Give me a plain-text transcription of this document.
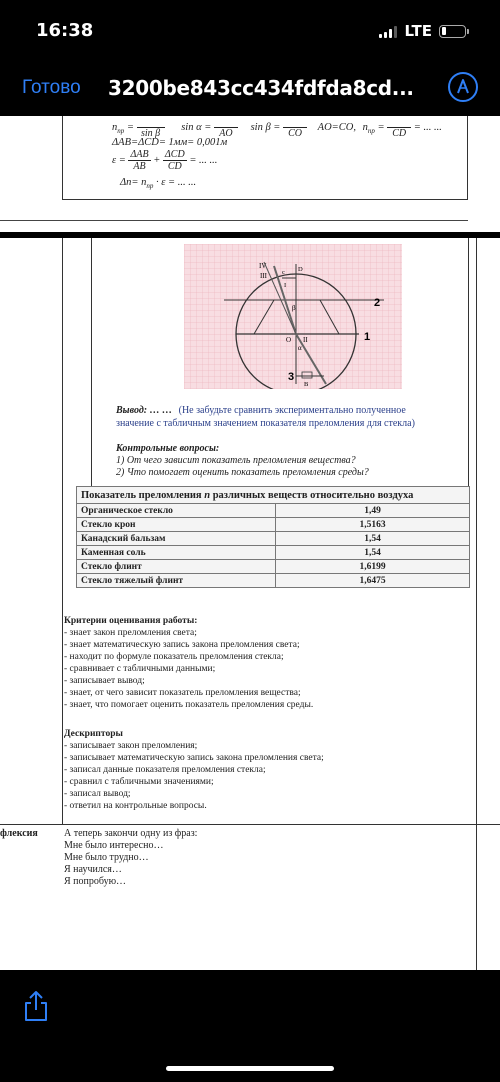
16:38	LTE
Готово 3200be843cc434fdfda8cd...
$n_{пр}$ =

sin β
sin α =

AO
sin β =

CO
AO=CO, $n_{пр}$ =

CD
= ... ...
ΔAB=ΔCD= 1мм= 0,001м
$\varepsilon = \frac{\text{ΔAB}}{AB} + \frac{\text{ΔCD}}{CD}$ = ... ...
$\Delta n= n_{пр} \cdot \varepsilon$ = ... ...
IV
III c
I
D
2
O II	1
3
B
β
α
Вывод: … … (Не забудьте сравнить экспериментально полученное
значение с табличным значением показателя преломления для стекла)
Контрольные вопросы:
1) От чего зависит показатель преломления вещества?
2) Что помогает оценить показатель преломления среды?
Показатель преломления n различных веществ относительно воздуха	
Органическое стекло	1,49
Стекло крон	1,5163
Канадский бальзам	1,54
Каменная соль	1,54
Стекло флинт	1,6199
Стекло тяжелый флинт	1,6475
Критерии оценивания работы:
- знает закон преломления света;
- знает математическую запись закона преломления света;
- находит по формуле показатель преломления стекла;
- сравнивает с табличными данными;
- записывает вывод;
- знает, от чего зависит показатель преломления вещества;
- знает, что помогает оценить показатель преломления среды.
Дескрипторы
- записывает закон преломления;
- записывает математическую запись закона преломления света;
- записал данные показателя преломления стекла;
- сравнил с табличными значениями;
- записал вывод;
- ответил на контрольные вопросы.
флексия	А теперь закончи одну из фраз:
Мне было интересно…
Мне было трудно…
Я научился…
Я попробую…
